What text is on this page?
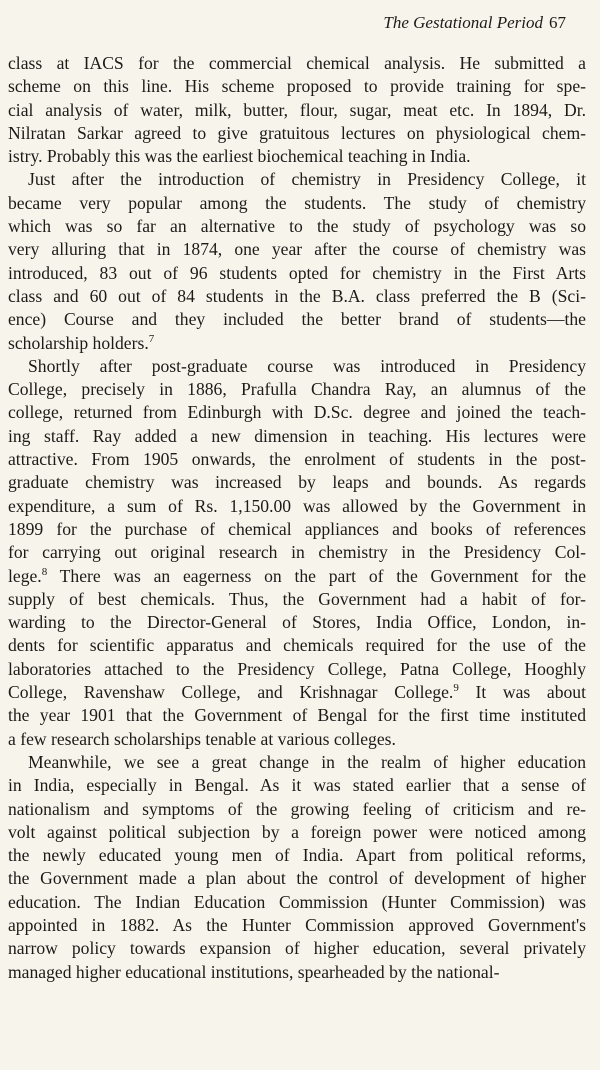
The Gestational Period 67
class at IACS for the commercial chemical analysis. He submitted a
scheme on this line. His scheme proposed to provide training for spe-
cial analysis of water, milk, butter, flour, sugar, meat etc. In 1894, Dr.
Nilratan Sarkar agreed to give gratuitous lectures on physiological chem-
istry. Probably this was the earliest biochemical teaching in India.
Just after the introduction of chemistry in Presidency College, it
became very popular among the students. The study of chemistry
which was so far an alternative to the study of psychology was so
very alluring that in 1874, one year after the course of chemistry was
introduced, 83 out of 96 students opted for chemistry in the First Arts
class and 60 out of 84 students in the B.A. class preferred the B (Sci-
ence) Course and they included the better brand of students—the
scholarship holders.$^7$
Shortly after post-graduate course was introduced in Presidency
College, precisely in 1886, Prafulla Chandra Ray, an alumnus of the
college, returned from Edinburgh with D.Sc. degree and joined the teach-
ing staff. Ray added a new dimension in teaching. His lectures were
attractive. From 1905 onwards, the enrolment of students in the post-
graduate chemistry was increased by leaps and bounds. As regards
expenditure, a sum of Rs. 1,150.00 was allowed by the Government in
1899 for the purchase of chemical appliances and books of references
for carrying out original research in chemistry in the Presidency Col-
lege.$^8$ There was an eagerness on the part of the Government for the
supply of best chemicals. Thus, the Government had a habit of for-
warding to the Director-General of Stores, India Office, London, in-
dents for scientific apparatus and chemicals required for the use of the
laboratories attached to the Presidency College, Patna College, Hooghly
College, Ravenshaw College, and Krishnagar College.$^9$ It was about
the year 1901 that the Government of Bengal for the first time instituted
a few research scholarships tenable at various colleges.
Meanwhile, we see a great change in the realm of higher education
in India, especially in Bengal. As it was stated earlier that a sense of
nationalism and symptoms of the growing feeling of criticism and re-
volt against political subjection by a foreign power were noticed among
the newly educated young men of India. Apart from political reforms,
the Government made a plan about the control of development of higher
education. The Indian Education Commission (Hunter Commission) was
appointed in 1882. As the Hunter Commission approved Government's
narrow policy towards expansion of higher education, several privately
managed higher educational institutions, spearheaded by the national-
